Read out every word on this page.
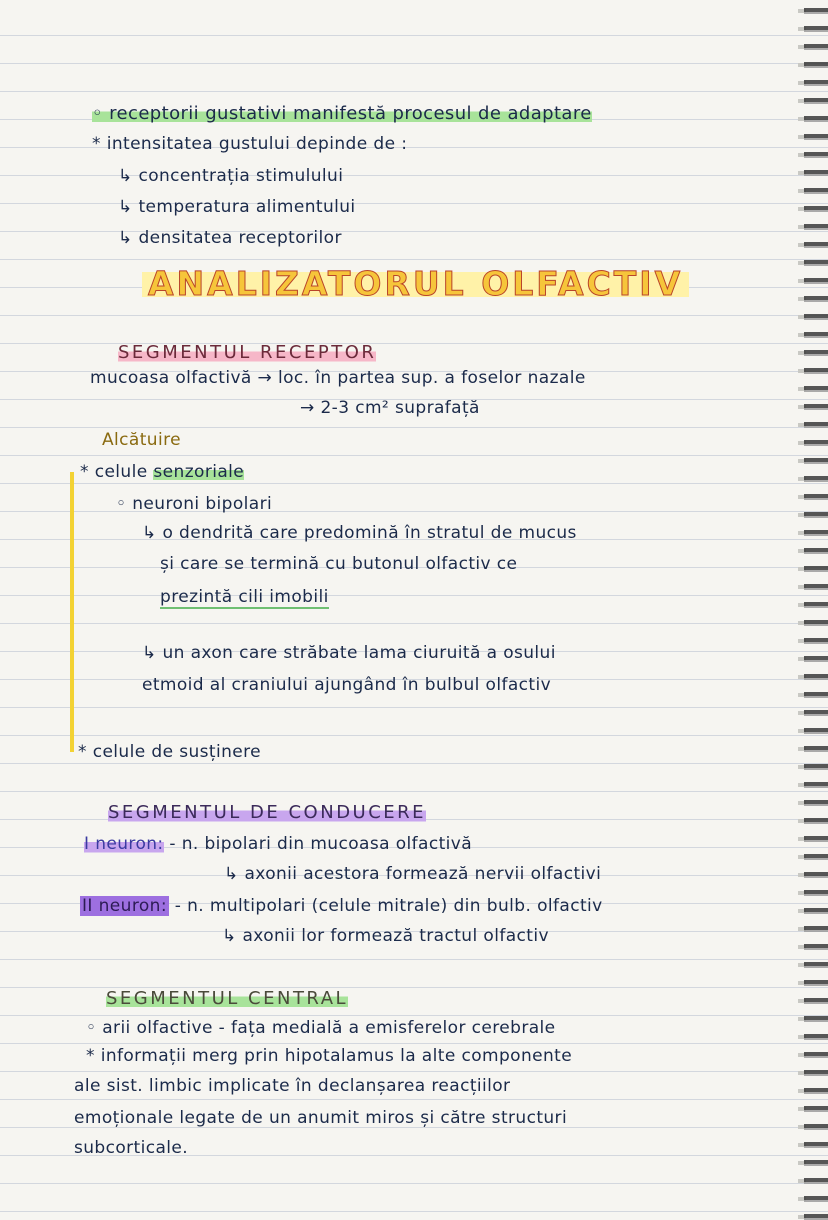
◦ receptorii gustativi manifestă procesul de adaptare
* intensitatea gustului depinde de :
↳ concentrația stimulului
↳ temperatura alimentului
↳ densitatea receptorilor
ANALIZATORUL OLFACTIV
SEGMENTUL RECEPTOR
mucoasa olfactivă → loc. în partea sup. a foselor nazale
→ 2-3 cm² suprafață
Alcătuire
* celule senzoriale
◦ neuroni bipolari
↳ o dendrită care predomină în stratul de mucus
și care se termină cu butonul olfactiv ce
prezintă cili imobili
↳ un axon care străbate lama ciuruită a osului
etmoid al craniului ajungând în bulbul olfactiv
* celule de susținere
SEGMENTUL DE CONDUCERE
I neuron: - n. bipolari din mucoasa olfactivă
↳ axonii acestora formează nervii olfactivi
II neuron: - n. multipolari (celule mitrale) din bulb. olfactiv
↳ axonii lor formează tractul olfactiv
SEGMENTUL CENTRAL
◦ arii olfactive - fața medială a emisferelor cerebrale
* informații merg prin hipotalamus la alte componente
ale sist. limbic implicate în declanșarea reacțiilor
emoționale legate de un anumit miros și către structuri
subcorticale.
